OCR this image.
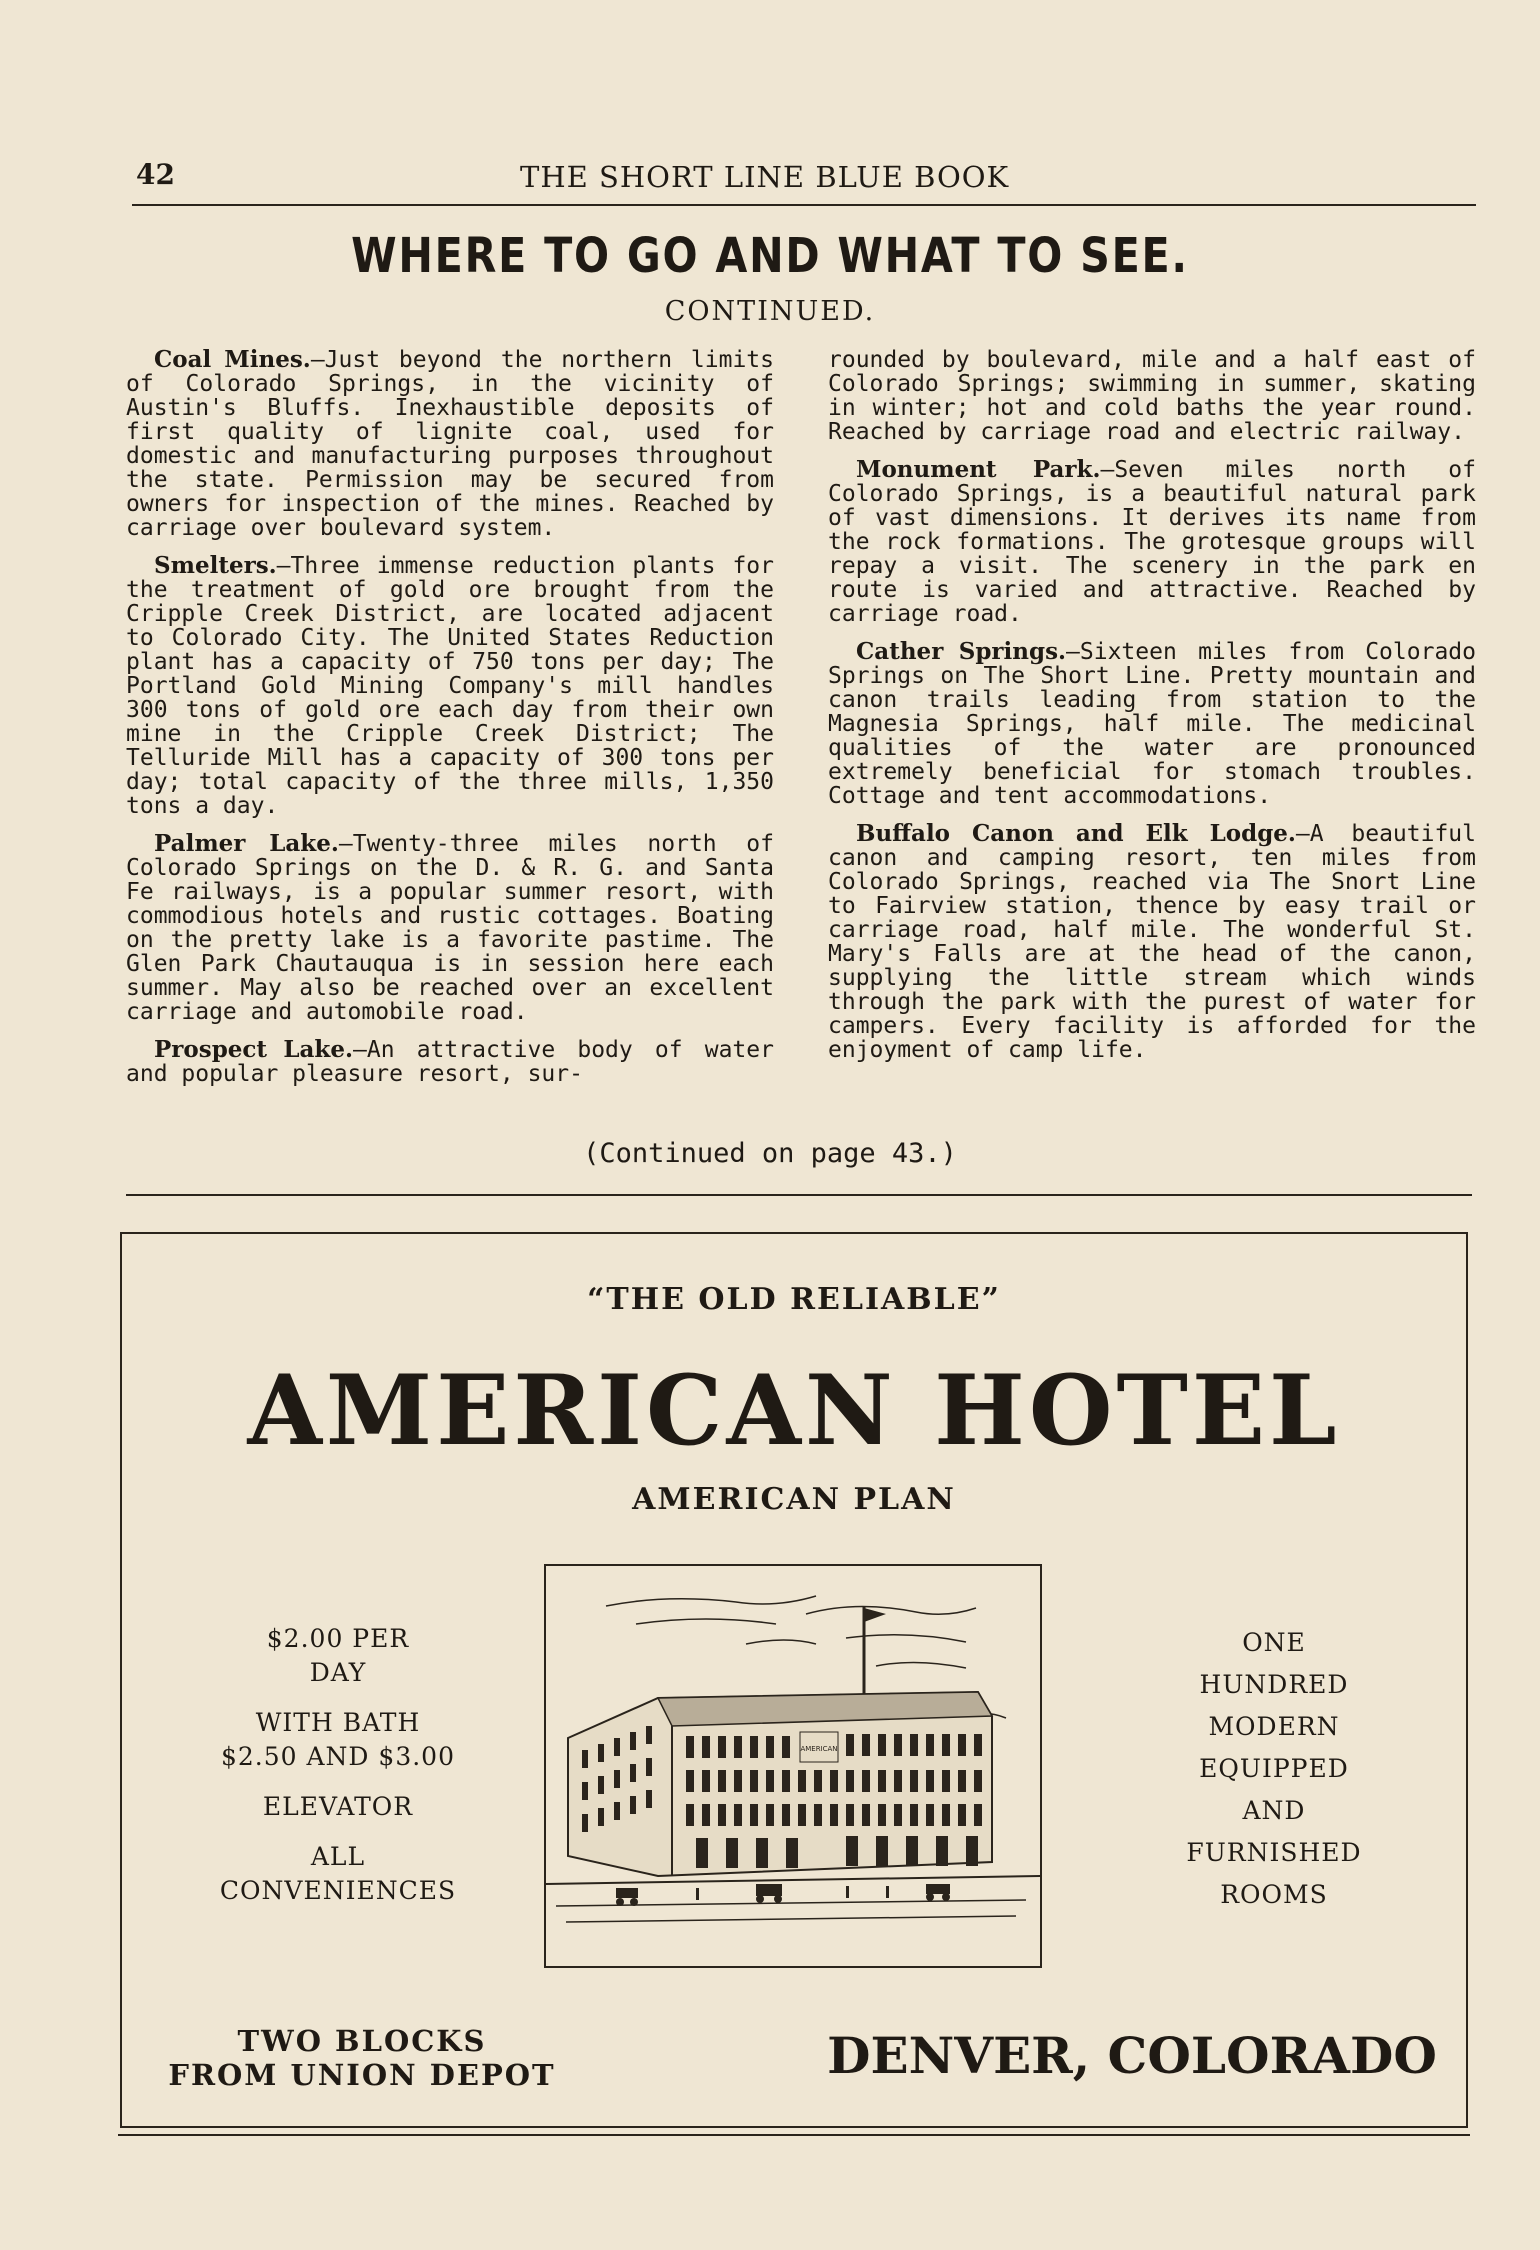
42	THE SHORT LINE BLUE BOOK
WHERE TO GO AND WHAT TO SEE.
CONTINUED.

Coal Mines.—Just beyond the northern limits of Colorado Springs, in the vicinity of Austin's Bluffs. Inexhaustible deposits of first quality of lignite coal, used for domestic and manufacturing purposes throughout the state. Permission may be secured from owners for inspection of the mines. Reached by carriage over boulevard system.

Smelters.—Three immense reduction plants for the treatment of gold ore brought from the Cripple Creek District, are located adjacent to Colorado City. The United States Reduction plant has a capacity of 750 tons per day; The Portland Gold Mining Company's mill handles 300 tons of gold ore each day from their own mine in the Cripple Creek District; The Telluride Mill has a capacity of 300 tons per day; total capacity of the three mills, 1,350 tons a day.

Palmer Lake.—Twenty-three miles north of Colorado Springs on the D. & R. G. and Santa Fe railways, is a popular summer resort, with commodious hotels and rustic cottages. Boating on the pretty lake is a favorite pastime. The Glen Park Chautauqua is in session here each summer. May also be reached over an excellent carriage and automobile road.

Prospect Lake.—An attractive body of water and popular pleasure resort, sur-

rounded by boulevard, mile and a half east of Colorado Springs; swimming in summer, skating in winter; hot and cold baths the year round. Reached by carriage road and electric railway.

Monument Park.—Seven miles north of Colorado Springs, is a beautiful natural park of vast dimensions. It derives its name from the rock formations. The grotesque groups will repay a visit. The scenery in the park en route is varied and attractive. Reached by carriage road.

Cather Springs.—Sixteen miles from Colorado Springs on The Short Line. Pretty mountain and canon trails leading from station to the Magnesia Springs, half mile. The medicinal qualities of the water are pronounced extremely beneficial for stomach troubles. Cottage and tent accommodations.

Buffalo Canon and Elk Lodge.—A beautiful canon and camping resort, ten miles from Colorado Springs, reached via The Snort Line to Fairview station, thence by easy trail or carriage road, half mile. The wonderful St. Mary's Falls are at the head of the canon, supplying the little stream which winds through the park with the purest of water for campers. Every facility is afforded for the enjoyment of camp life.

(Continued on page 43.)
“THE OLD RELIABLE”
AMERICAN HOTEL
AMERICAN PLAN
$2.00 PER
DAY
WITH BATH
$2.50 AND $3.00
ELEVATOR
ALL
CONVENIENCES
AMERICAN
ONE
HUNDRED
MODERN
EQUIPPED
AND
FURNISHED
ROOMS
TWO BLOCKS
FROM UNION DEPOT	DENVER, COLORADO
